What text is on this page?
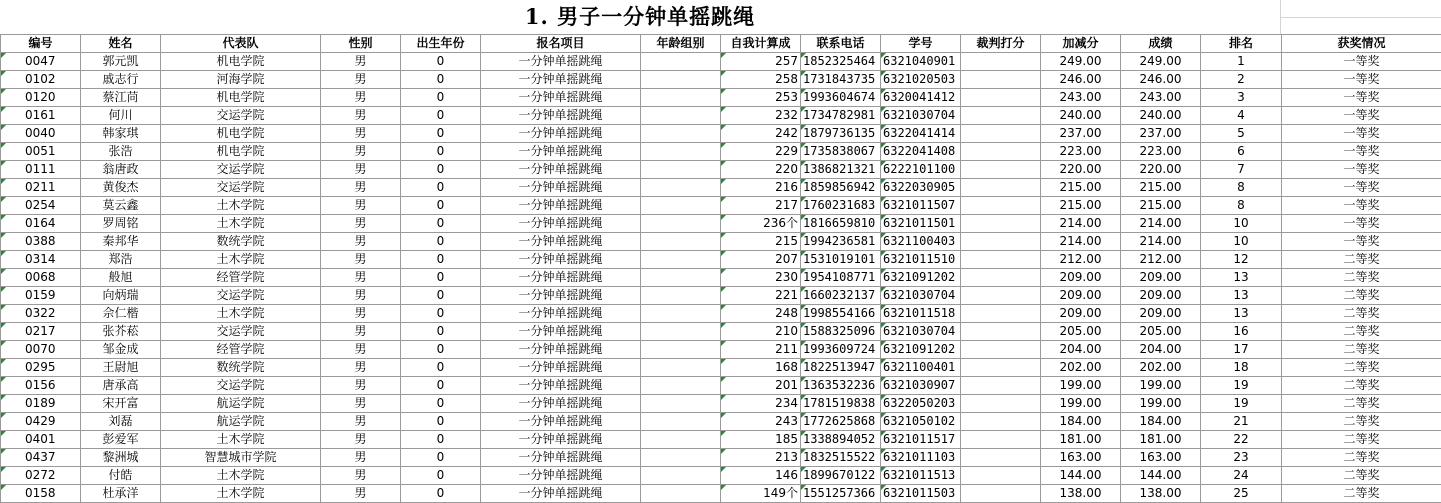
1. 男子一分钟单摇跳绳
编号	姓名	代表队	性别	出生年份	报名项目	年龄组别	自我计算成	联系电话	学号	裁判打分	加减分	成绩	排名	获奖情况
0047	郭元凯	机电学院	男	0	一分钟单摇跳绳		257	1852325464	6321040901		249.00	249.00	1	一等奖
0102	戚志行	河海学院	男	0	一分钟单摇跳绳		258	1731843735	6321020503		246.00	246.00	2	一等奖
0120	蔡江苘	机电学院	男	0	一分钟单摇跳绳		253	1993604674	6320041412		243.00	243.00	3	一等奖
0161	何川	交运学院	男	0	一分钟单摇跳绳		232	1734782981	6321030704		240.00	240.00	4	一等奖
0040	韩家琪	机电学院	男	0	一分钟单摇跳绳		242	1879736135	6322041414		237.00	237.00	5	一等奖
0051	张浩	机电学院	男	0	一分钟单摇跳绳		229	1735838067	6322041408		223.00	223.00	6	一等奖
0111	翁唐政	交运学院	男	0	一分钟单摇跳绳		220	1386821321	6222101100		220.00	220.00	7	一等奖
0211	黄俊杰	交运学院	男	0	一分钟单摇跳绳		216	1859856942	6322030905		215.00	215.00	8	一等奖
0254	莫云鑫	土木学院	男	0	一分钟单摇跳绳		217	1760231683	6321011507		215.00	215.00	8	一等奖
0164	罗周铭	土木学院	男	0	一分钟单摇跳绳		236个	1816659810	6321011501		214.00	214.00	10	一等奖
0388	秦邦华	数统学院	男	0	一分钟单摇跳绳		215	1994236581	6321100403		214.00	214.00	10	一等奖
0314	郑浩	土木学院	男	0	一分钟单摇跳绳		207	1531019101	6321011510		212.00	212.00	12	二等奖
0068	般旭	经管学院	男	0	一分钟单摇跳绳		230	1954108771	6321091202		209.00	209.00	13	二等奖
0159	向炳瑞	交运学院	男	0	一分钟单摇跳绳		221	1660232137	6321030704		209.00	209.00	13	二等奖
0322	佘仁楷	土木学院	男	0	一分钟单摇跳绳		248	1998554166	6321011518		209.00	209.00	13	二等奖
0217	张芥菘	交运学院	男	0	一分钟单摇跳绳		210	1588325096	6321030704		205.00	205.00	16	二等奖
0070	邹金成	经管学院	男	0	一分钟单摇跳绳		211	1993609724	6321091202		204.00	204.00	17	二等奖
0295	王尉旭	数统学院	男	0	一分钟单摇跳绳		168	1822513947	6321100401		202.00	202.00	18	二等奖
0156	唐承高	交运学院	男	0	一分钟单摇跳绳		201	1363532236	6321030907		199.00	199.00	19	二等奖
0189	宋开富	航运学院	男	0	一分钟单摇跳绳		234	1781519838	6322050203		199.00	199.00	19	二等奖
0429	刘磊	航运学院	男	0	一分钟单摇跳绳		243	1772625868	6321050102		184.00	184.00	21	二等奖
0401	彭爱军	土木学院	男	0	一分钟单摇跳绳		185	1338894052	6321011517		181.00	181.00	22	二等奖
0437	黎洲城	智慧城市学院	男	0	一分钟单摇跳绳		213	1832515522	6321011103		163.00	163.00	23	二等奖
0272	付皓	土木学院	男	0	一分钟单摇跳绳		146	1899670122	6321011513		144.00	144.00	24	二等奖
0158	杜承洋	土木学院	男	0	一分钟单摇跳绳		149个	1551257366	6321011503		138.00	138.00	25	二等奖
